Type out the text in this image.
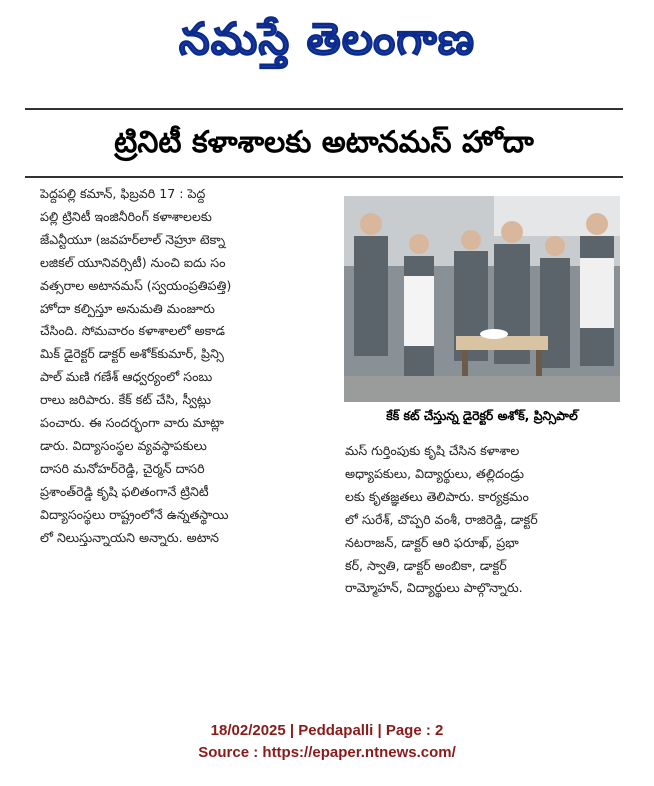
నమస్తే తెలంగాణ
ట్రినిటీ కళాశాలకు అటానమస్ హోదా
పెద్దపల్లి కమాన్, ఫిబ్రవరి 17 : పెద్ద
పల్లి ట్రినిటీ ఇంజినీరింగ్ కళాశాలలకు
జేఎన్టీయూ (జవహర్‌లాల్ నెహ్రూ టెక్నా
లజికల్ యూనివర్సిటీ) నుంచి ఐదు సం
వత్సరాల అటానమస్ (స్వయంప్రతిపత్తి)
హోదా కల్పిస్తూ అనుమతి మంజూరు
చేసింది. సోమవారం కళాశాలలో అకాడ
మిక్ డైరెక్టర్ డాక్టర్ అశోక్‌కుమార్, ప్రిన్సి
పాల్ మణి గణేశ్ ఆధ్వర్యంలో సంబు
రాలు జరిపారు. కేక్ కట్ చేసి, స్వీట్లు
పంచారు. ఈ సందర్భంగా వారు మాట్లా
డారు. విద్యాసంస్థల వ్యవస్థాపకులు
దాసరి మనోహర్‌రెడ్డి, చైర్మన్ దాసరి
ప్రశాంత్‌రెడ్డి కృషి ఫలితంగానే ట్రినిటీ
విద్యాసంస్థలు రాష్ట్రంలోనే ఉన్నతస్థాయి
లో నిలుస్తున్నాయని అన్నారు. అటాన
కేక్ కట్ చేస్తున్న డైరెక్టర్ అశోక్, ప్రిన్సిపాల్
మస్ గుర్తింపుకు కృషి చేసిన కళాశాల
అధ్యాపకులు, విద్యార్థులు, తల్లిదండ్రు
లకు కృతజ్ఞతలు తెలిపారు. కార్యక్రమం
లో సురేశ్, చొప్పరి వంశీ, రాజిరెడ్డి, డాక్టర్
నటరాజన్, డాక్టర్ ఆరి ఫరూఖ్, ప్రభా
కర్, స్వాతి, డాక్టర్ అంబికా, డాక్టర్
రామ్మోహన్, విద్యార్థులు పాల్గొన్నారు.
18/02/2025 | Peddapalli | Page : 2
Source : https://epaper.ntnews.com/
